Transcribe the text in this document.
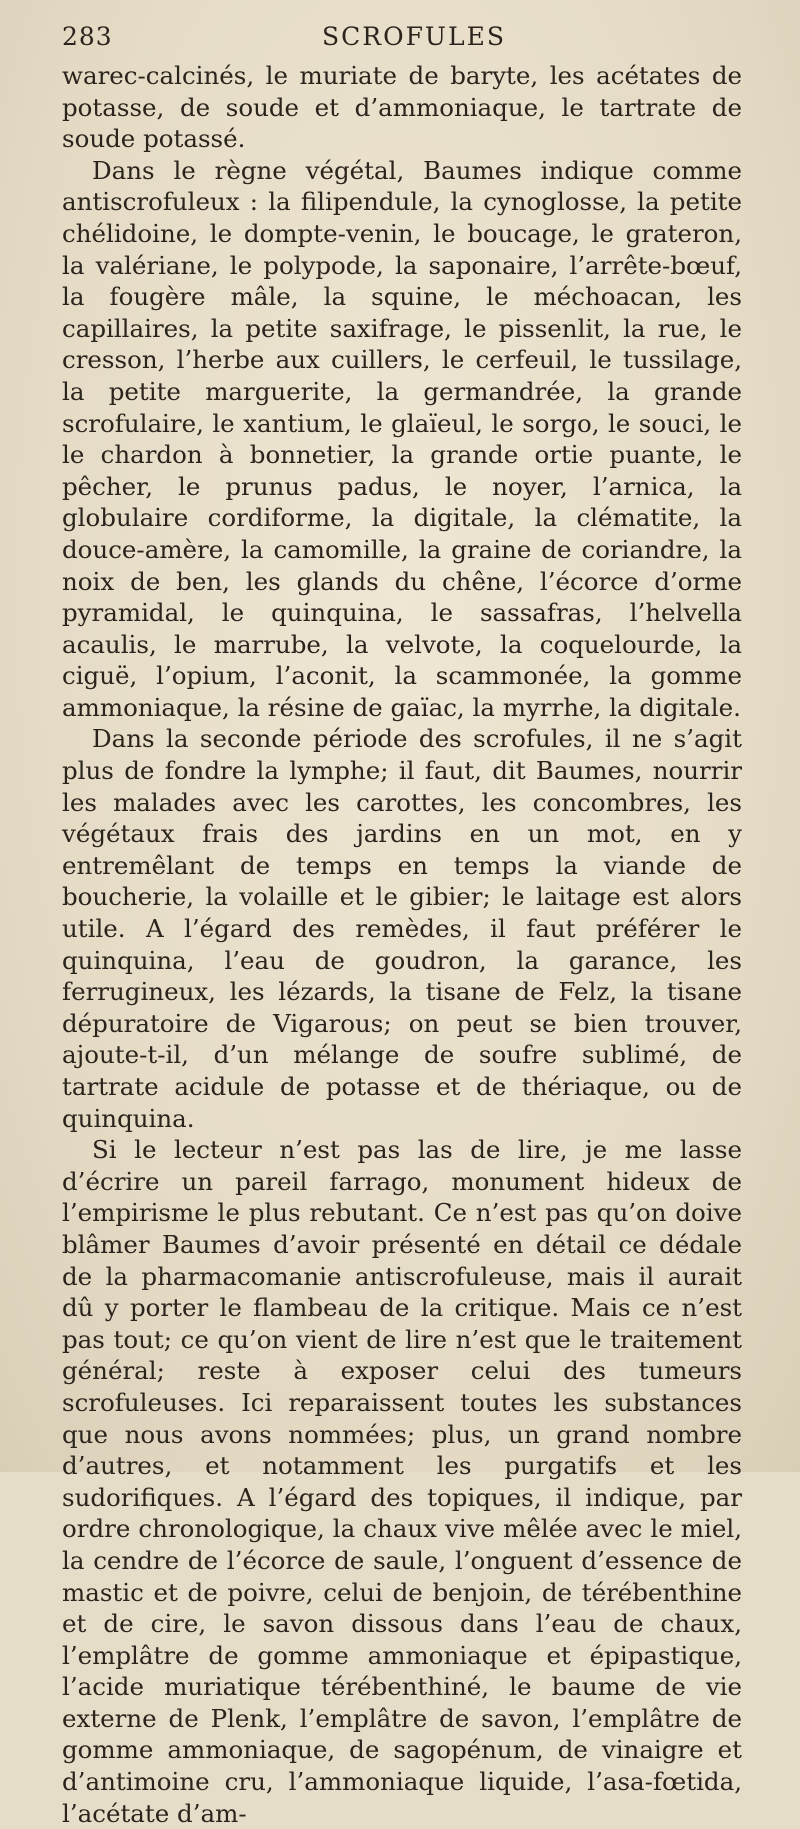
283	SCROFULES

warec-calcinés, le muriate de baryte, les acétates de potasse, de soude et d’ammoniaque, le tartrate de soude potassé.

Dans le règne végétal, Baumes indique comme antiscrofuleux : la filipendule, la cynoglosse, la petite chélidoine, le dompte-venin, le boucage, le grateron, la valériane, le polypode, la saponaire, l’arrête-bœuf, la fougère mâle, la squine, le méchoacan, les capillaires, la petite saxifrage, le pissenlit, la rue, le cresson, l’herbe aux cuillers, le cerfeuil, le tussilage, la petite marguerite, la germandrée, la grande scrofulaire, le xantium, le glaïeul, le sorgo, le souci, le le chardon à bonnetier, la grande ortie puante, le pêcher, le prunus padus, le noyer, l’arnica, la globulaire cordiforme, la digitale, la clématite, la douce-amère, la camomille, la graine de coriandre, la noix de ben, les glands du chêne, l’écorce d’orme pyramidal, le quinquina, le sassafras, l’helvella acaulis, le marrube, la velvote, la coquelourde, la ciguë, l’opium, l’aconit, la scammonée, la gomme ammoniaque, la résine de gaïac, la myrrhe, la digitale.

Dans la seconde période des scrofules, il ne s’agit plus de fondre la lymphe; il faut, dit Baumes, nourrir les malades avec les carottes, les concombres, les végétaux frais des jardins en un mot, en y entremêlant de temps en temps la viande de boucherie, la volaille et le gibier; le laitage est alors utile. A l’égard des remèdes, il faut préférer le quinquina, l’eau de goudron, la garance, les ferrugineux, les lézards, la tisane de Felz, la tisane dépuratoire de Vigarous; on peut se bien trouver, ajoute-t-il, d’un mélange de soufre sublimé, de tartrate acidule de potasse et de thériaque, ou de quinquina.

Si le lecteur n’est pas las de lire, je me lasse d’écrire un pareil farrago, monument hideux de l’empirisme le plus rebutant. Ce n’est pas qu’on doive blâmer Baumes d’avoir présenté en détail ce dédale de la pharmacomanie antiscrofuleuse, mais il aurait dû y porter le flambeau de la critique. Mais ce n’est pas tout; ce qu’on vient de lire n’est que le traitement général; reste à exposer celui des tumeurs scrofuleuses. Ici reparaissent toutes les substances que nous avons nommées; plus, un grand nombre d’autres, et notamment les purgatifs et les sudorifiques. A l’égard des topiques, il indique, par ordre chronologique, la chaux vive mêlée avec le miel, la cendre de l’écorce de saule, l’onguent d’essence de mastic et de poivre, celui de benjoin, de térébenthine et de cire, le savon dissous dans l’eau de chaux, l’emplâtre de gomme ammoniaque et épipastique, l’acide muriatique térébenthiné, le baume de vie externe de Plenk, l’emplâtre de savon, l’emplâtre de gomme ammoniaque, de sagopénum, de vinaigre et d’antimoine cru, l’ammoniaque liquide, l’asa-fœtida, l’acétate d’am-
